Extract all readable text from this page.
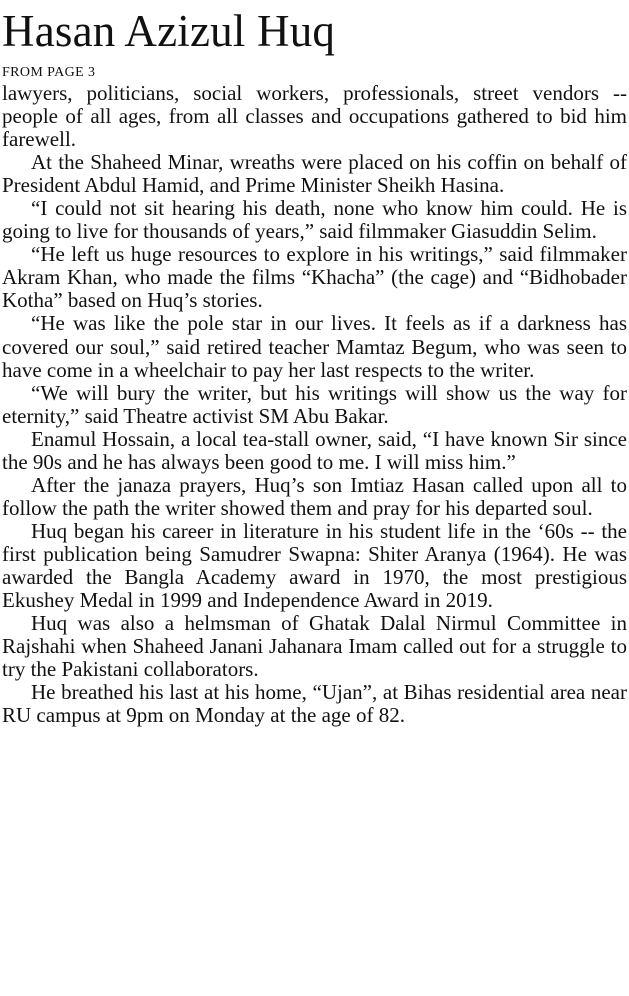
Hasan Azizul Huq
FROM PAGE 3

lawyers, politicians, social workers, professionals, street vendors -- people of all ages, from all classes and occupations gathered to bid him farewell.

At the Shaheed Minar, wreaths were placed on his coffin on behalf of President Abdul Hamid, and Prime Minister Sheikh Hasina.

“I could not sit hearing his death, none who know him could. He is going to live for thousands of years,” said filmmaker Giasuddin Selim.

“He left us huge resources to explore in his writings,” said filmmaker Akram Khan, who made the films “Khacha” (the cage) and “Bidhobader Kotha” based on Huq’s stories.

“He was like the pole star in our lives. It feels as if a darkness has covered our soul,” said retired teacher Mamtaz Begum, who was seen to have come in a wheelchair to pay her last respects to the writer.

“We will bury the writer, but his writings will show us the way for eternity,” said Theatre activist SM Abu Bakar.

Enamul Hossain, a local tea-stall owner, said, “I have known Sir since the 90s and he has always been good to me. I will miss him.”

After the janaza prayers, Huq’s son Imtiaz Hasan called upon all to follow the path the writer showed them and pray for his departed soul.

Huq began his career in literature in his student life in the ‘60s -- the first publication being Samudrer Swapna: Shiter Aranya (1964). He was awarded the Bangla Academy award in 1970, the most prestigious Ekushey Medal in 1999 and Independence Award in 2019.

Huq was also a helmsman of Ghatak Dalal Nirmul Committee in Rajshahi when Shaheed Janani Jahanara Imam called out for a struggle to try the Pakistani collaborators.

He breathed his last at his home, “Ujan”, at Bihas residential area near RU campus at 9pm on Monday at the age of 82.
